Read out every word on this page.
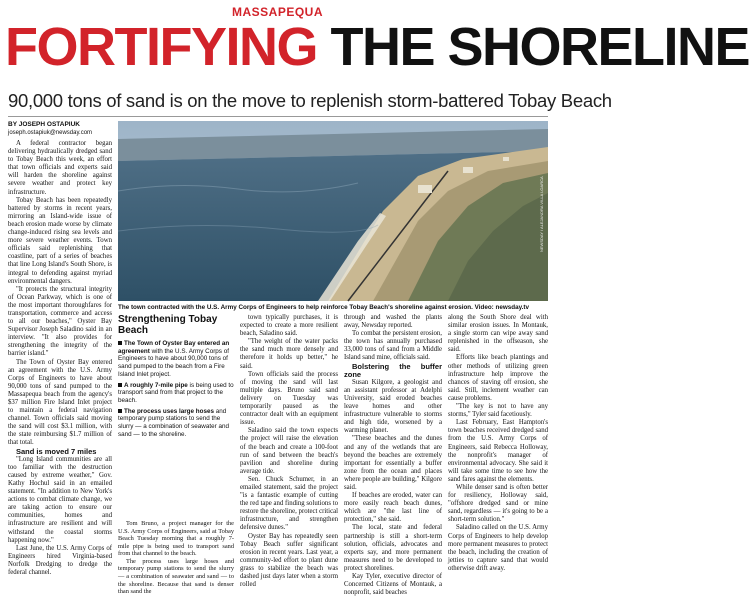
MASSAPEQUA
FORTIFYING THE SHORELINE
90,000 tons of sand is on the move to replenish storm-battered Tobay Beach
BY JOSEPH OSTAPIUK
joseph.ostapiuk@newsday.com

A federal contractor began delivering hydraulically dredged sand to Tobay Beach this week, an effort that town officials and experts said will harden the shoreline against severe weather and protect key infrastructure.

Tobay Beach has been repeatedly battered by storms in recent years, mirroring an Island-wide issue of beach erosion made worse by climate change-induced rising sea levels and more severe weather events. Town officials said replenishing that coastline, part of a series of beaches that line Long Island's South Shore, is integral to defending against myriad environmental dangers.

"It protects the structural integrity of Ocean Parkway, which is one of the most important thoroughfares for transportation, commerce and access to all our beaches," Oyster Bay Supervisor Joseph Saladino said in an interview. "It also provides for strengthening the integrity of the barrier island."

The Town of Oyster Bay entered an agreement with the U.S. Army Corps of Engineers to have about 90,000 tons of sand pumped to the Massapequa beach from the agency's $37 million Fire Island Inlet project to maintain a federal navigation channel. Town officials said moving the sand will cost $3.1 million, with the state reimbursing $1.7 million of that total.

Sand is moved 7 miles

"Long Island communities are all too familiar with the destruction caused by extreme weather," Gov. Kathy Hochul said in an emailed statement. "In addition to New York's actions to combat climate change, we are taking action to ensure our communities, homes and infrastructure are resilient and will withstand the coastal storms happening now."

Last June, the U.S. Army Corps of Engineers hired Virginia-based Norfolk Dredging to dredge the federal channel.

NEWSDAY / ALEJANDRA VILLA LOARCA
The town contracted with the U.S. Army Corps of Engineers to help reinforce Tobay Beach's shoreline against erosion. Video: newsday.tv
Strengthening Tobay Beach
The Town of Oyster Bay entered an agreement with the U.S. Army Corps of Engineers to have about 90,000 tons of sand pumped to the beach from a Fire Island Inlet project.
A roughly 7-mile pipe is being used to transport sand from that project to the beach.
The process uses large hoses and temporary pump stations to send the slurry — a combination of seawater and sand — to the shoreline.

Tom Bruno, a project manager for the U.S. Army Corps of Engineers, said at Tobay Beach Tuesday morning that a roughly 7-mile pipe is being used to transport sand from that channel to the beach.

The process uses large hoses and temporary pump stations to send the slurry — a combination of seawater and sand — to the shoreline. Because that sand is denser than sand the

town typically purchases, it is expected to create a more resilient beach, Saladino said.

"The weight of the water packs the sand much more densely and therefore it holds up better," he said.

Town officials said the process of moving the sand will last multiple days. Bruno said sand delivery on Tuesday was temporarily paused as the contractor dealt with an equipment issue.

Saladino said the town expects the project will raise the elevation of the beach and create a 100-foot run of sand between the beach's pavilion and shoreline during average tide.

Sen. Chuck Schumer, in an emailed statement, said the project "is a fantastic example of cutting the red tape and finding solutions to restore the shoreline, protect critical infrastructure, and strengthen defensive dunes."

Oyster Bay has repeatedly seen Tobay Beach suffer significant erosion in recent years. Last year, a community-led effort to plant dune grass to stabilize the beach was dashed just days later when a storm rolled

through and washed the plants away, Newsday reported.

To combat the persistent erosion, the town has annually purchased 33,000 tons of sand from a Middle Island sand mine, officials said.

Bolstering the buffer zone

Susan Kilgore, a geologist and an assistant professor at Adelphi University, said eroded beaches leave homes and other infrastructure vulnerable to storms and high tide, worsened by a warming planet.

"These beaches and the dunes and any of the wetlands that are beyond the beaches are extremely important for essentially a buffer zone from the ocean and places where people are building," Kilgore said.

If beaches are eroded, water can more easily reach beach dunes, which are "the last line of protection," she said.

The local, state and federal partnership is still a short-term solution, officials, advocates and experts say, and more permanent measures need to be developed to protect shorelines.

Kay Tyler, executive director of Concerned Citizens of Montauk, a nonprofit, said beaches

along the South Shore deal with similar erosion issues. In Montauk, a single storm can wipe away sand replenished in the offseason, she said.

Efforts like beach plantings and other methods of utilizing green infrastructure help improve the chances of staving off erosion, she said. Still, inclement weather can cause problems.

"The key is not to have any storms," Tyler said facetiously.

Last February, East Hampton's town beaches received dredged sand from the U.S. Army Corps of Engineers, said Rebecca Holloway, the nonprofit's manager of environmental advocacy. She said it will take some time to see how the sand fares against the elements.

While denser sand is often better for resiliency, Holloway said, "offshore dredged sand or mine sand, regardless — it's going to be a short-term solution."

Saladino called on the U.S. Army Corps of Engineers to help develop more permanent measures to protect the beach, including the creation of jetties to capture sand that would otherwise drift away.
